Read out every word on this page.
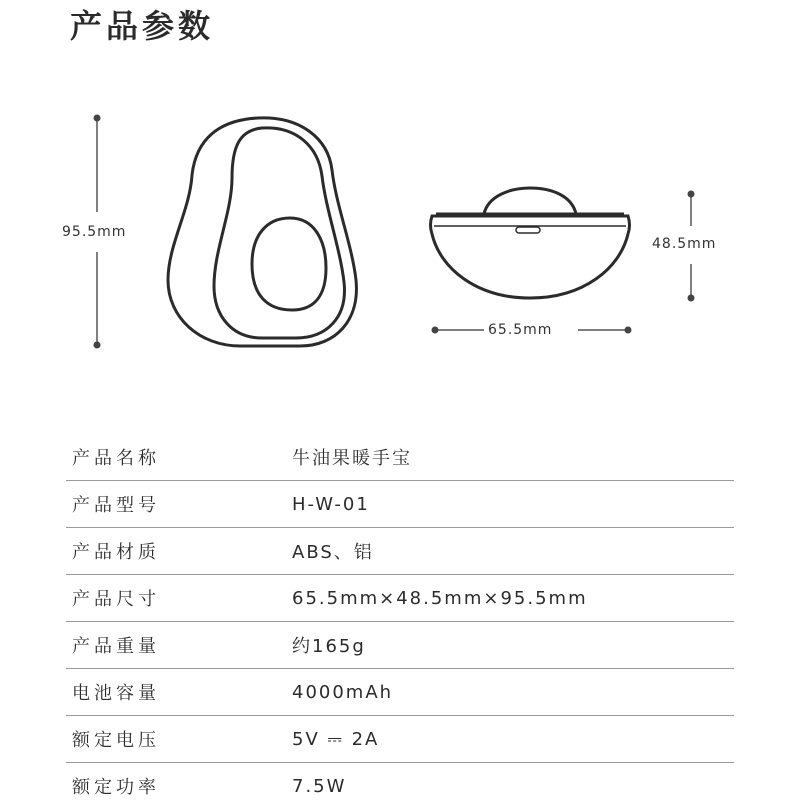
产品参数
95.5mm
48.5mm
65.5mm
产品名称	牛油果暖手宝
产品型号	H-W-01
产品材质	ABS、铝
产品尺寸	65.5mm×48.5mm×95.5mm
产品重量	约165g
电池容量	4000mAh
额定电压	5V ⎓ 2A
额定功率	7.5W
